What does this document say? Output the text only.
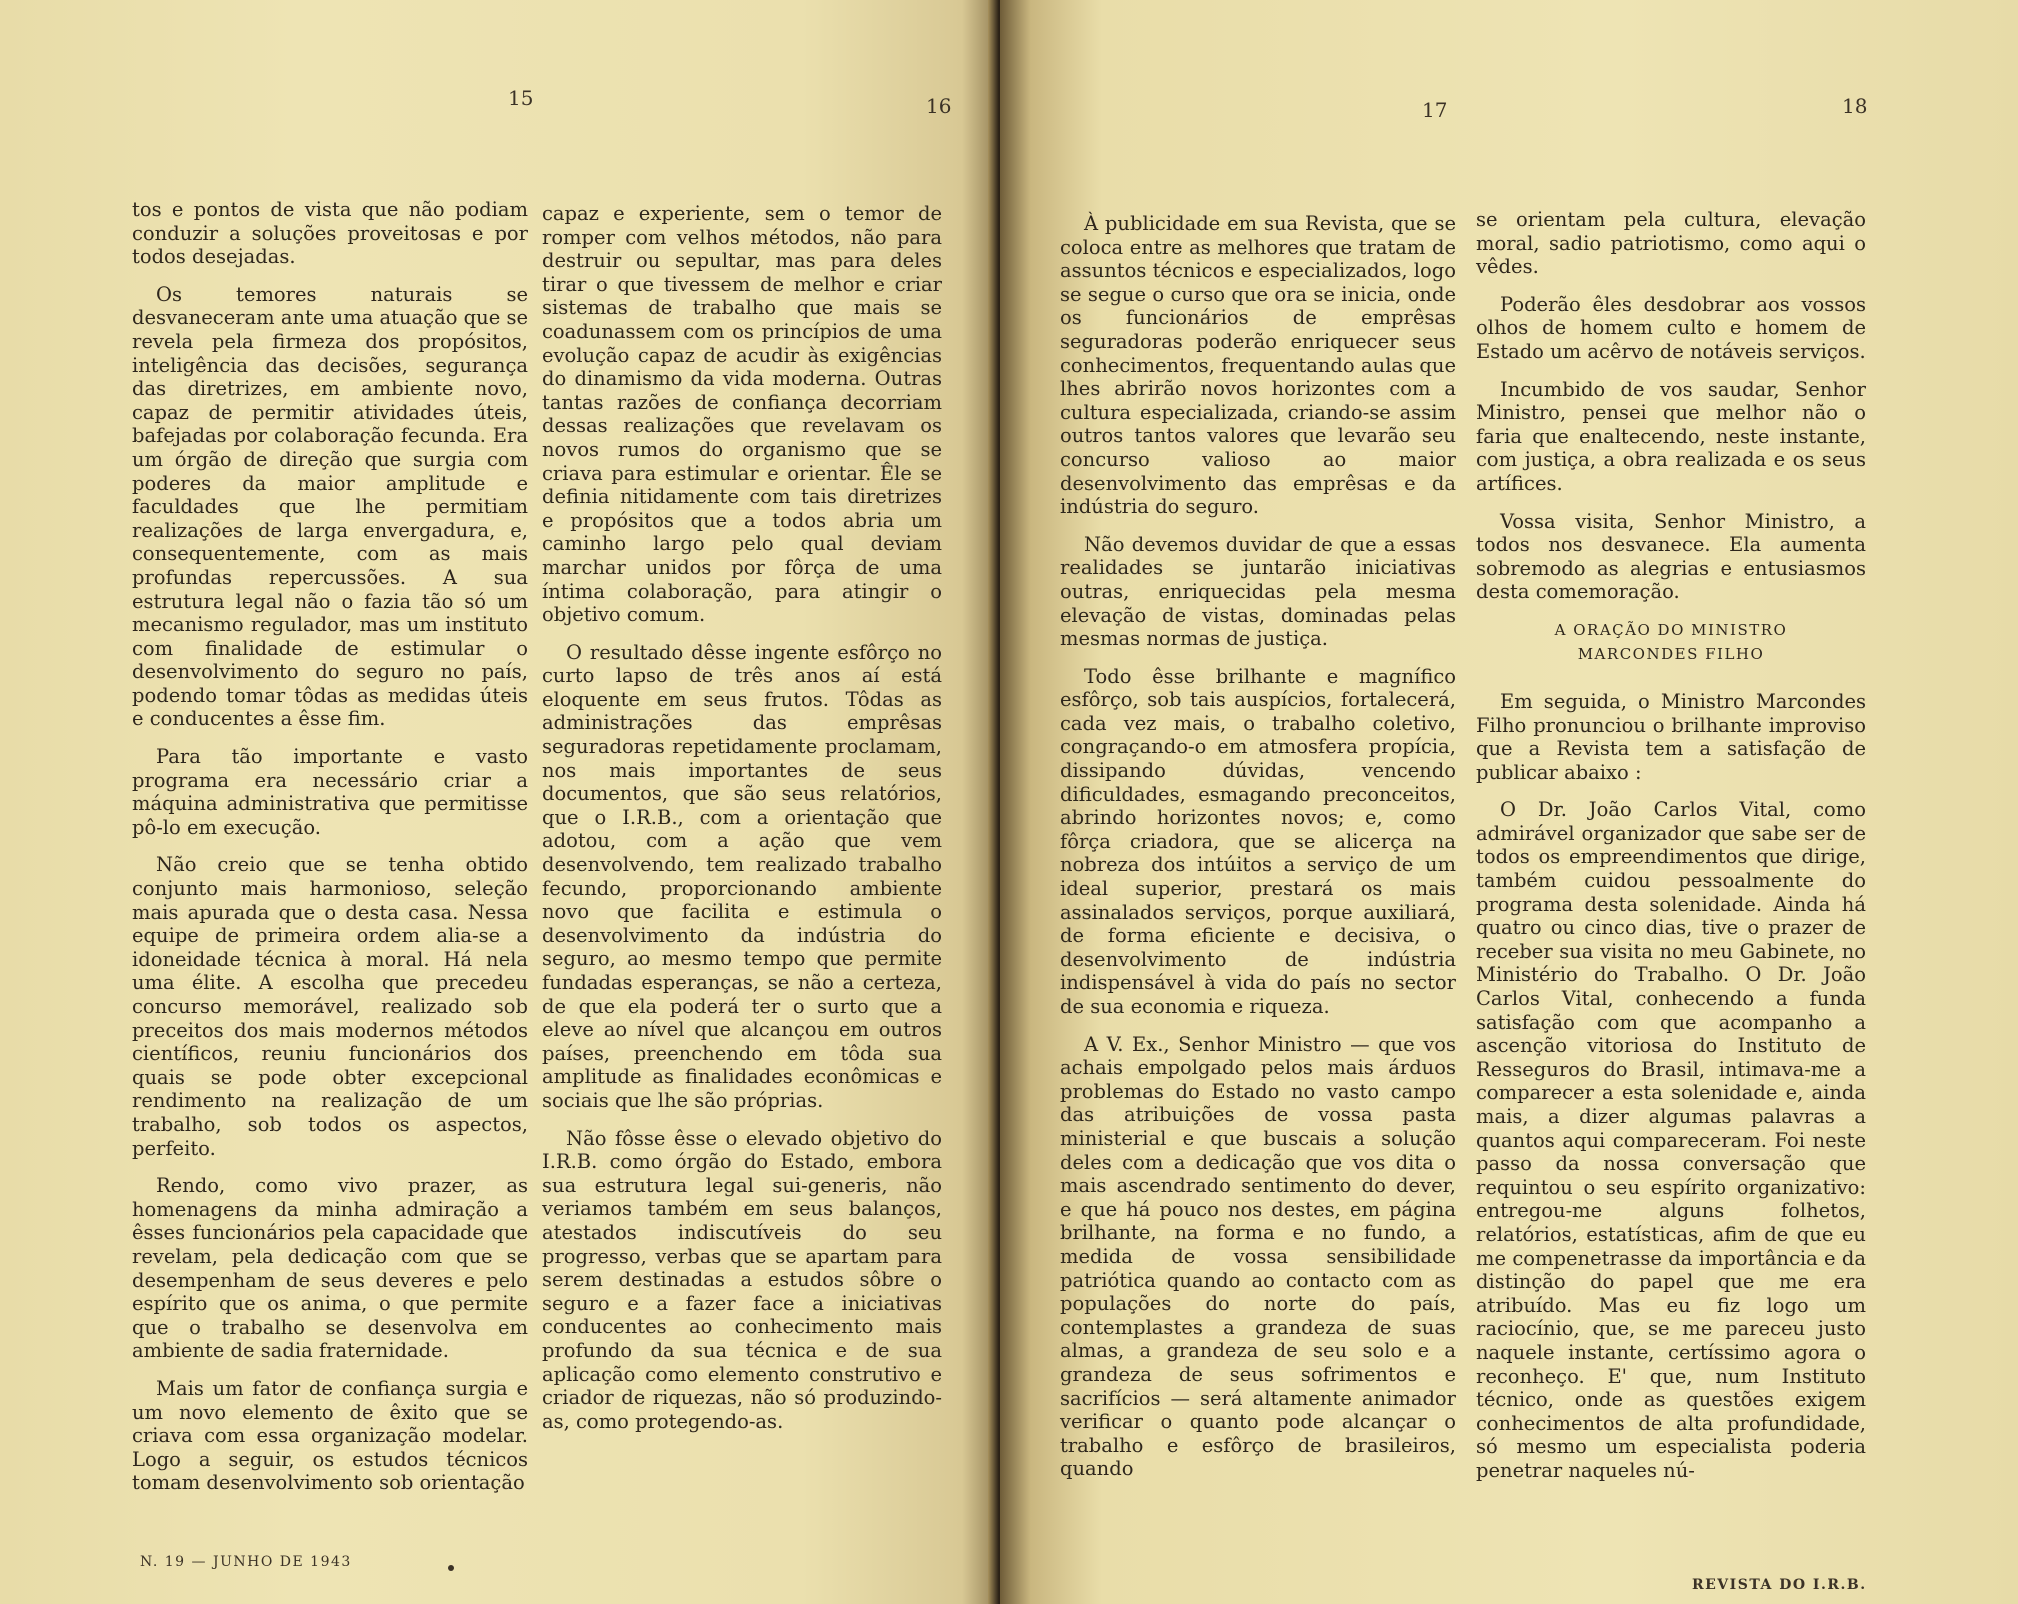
15	16

tos e pontos de vista que não podiam conduzir a soluções proveitosas e por todos desejadas.

Os temores naturais se desvaneceram ante uma atuação que se revela pela firmeza dos propósitos, inteligência das decisões, segurança das diretrizes, em ambiente novo, capaz de permitir atividades úteis, bafejadas por colaboração fecunda. Era um órgão de direção que surgia com poderes da maior amplitude e faculdades que lhe permitiam realizações de larga envergadura, e, consequentemente, com as mais profundas repercussões. A sua estrutura legal não o fazia tão só um mecanismo regulador, mas um instituto com finalidade de estimular o desenvolvimento do seguro no país, podendo tomar tôdas as medidas úteis e conducentes a êsse fim.

Para tão importante e vasto programa era necessário criar a máquina administrativa que permitisse pô-lo em execução.

Não creio que se tenha obtido conjunto mais harmonioso, seleção mais apurada que o desta casa. Nessa equipe de primeira ordem alia-se a idoneidade técnica à moral. Há nela uma élite. A escolha que precedeu concurso memorável, realizado sob preceitos dos mais modernos métodos científicos, reuniu funcionários dos quais se pode obter excepcional rendimento na realização de um trabalho, sob todos os aspectos, perfeito.

Rendo, como vivo prazer, as homenagens da minha admiração a êsses funcionários pela capacidade que revelam, pela dedicação com que se desempenham de seus deveres e pelo espírito que os anima, o que permite que o trabalho se desenvolva em ambiente de sadia fraternidade.

Mais um fator de confiança surgia e um novo elemento de êxito que se criava com essa organização modelar. Logo a seguir, os estudos técnicos tomam desenvolvimento sob orientação

capaz e experiente, sem o temor de romper com velhos métodos, não para destruir ou sepultar, mas para deles tirar o que tivessem de melhor e criar sistemas de trabalho que mais se coadunassem com os princípios de uma evolução capaz de acudir às exigências do dinamismo da vida moderna. Outras tantas razões de confiança decorriam dessas realizações que revelavam os novos rumos do organismo que se criava para estimular e orientar. Êle se definia nitidamente com tais diretrizes e propósitos que a todos abria um caminho largo pelo qual deviam marchar unidos por fôrça de uma íntima colaboração, para atingir o objetivo comum.

O resultado dêsse ingente esfôrço no curto lapso de três anos aí está eloquente em seus frutos. Tôdas as administrações das emprêsas seguradoras repetidamente proclamam, nos mais importantes de seus documentos, que são seus relatórios, que o I.R.B., com a orientação que adotou, com a ação que vem desenvolvendo, tem realizado trabalho fecundo, proporcionando ambiente novo que facilita e estimula o desenvolvimento da indústria do seguro, ao mesmo tempo que permite fundadas esperanças, se não a certeza, de que ela poderá ter o surto que a eleve ao nível que alcançou em outros países, preenchendo em tôda sua amplitude as finalidades econômicas e sociais que lhe são próprias.

Não fôsse êsse o elevado objetivo do I.R.B. como órgão do Estado, embora sua estrutura legal sui-generis, não veriamos também em seus balanços, atestados indiscutíveis do seu progresso, verbas que se apartam para serem destinadas a estudos sôbre o seguro e a fazer face a iniciativas conducentes ao conhecimento mais profundo da sua técnica e de sua aplicação como elemento construtivo e criador de riquezas, não só produzindo-as, como protegendo-as.

N. 19 — JUNHO DE 1943
17	18

À publicidade em sua Revista, que se coloca entre as melhores que tratam de assuntos técnicos e especializados, logo se segue o curso que ora se inicia, onde os funcionários de emprêsas seguradoras poderão enriquecer seus conhecimentos, frequentando aulas que lhes abrirão novos horizontes com a cultura especializada, criando-se assim outros tantos valores que levarão seu concurso valioso ao maior desenvolvimento das emprêsas e da indústria do seguro.

Não devemos duvidar de que a essas realidades se juntarão iniciativas outras, enriquecidas pela mesma elevação de vistas, dominadas pelas mesmas normas de justiça.

Todo êsse brilhante e magnífico esfôrço, sob tais auspícios, fortalecerá, cada vez mais, o trabalho coletivo, congraçando-o em atmosfera propícia, dissipando dúvidas, vencendo dificuldades, esmagando preconceitos, abrindo horizontes novos; e, como fôrça criadora, que se alicerça na nobreza dos intúitos a serviço de um ideal superior, prestará os mais assinalados serviços, porque auxiliará, de forma eficiente e decisiva, o desenvolvimento de indústria indispensável à vida do país no sector de sua economia e riqueza.

A V. Ex., Senhor Ministro — que vos achais empolgado pelos mais árduos problemas do Estado no vasto campo das atribuições de vossa pasta ministerial e que buscais a solução deles com a dedicação que vos dita o mais ascendrado sentimento do dever, e que há pouco nos destes, em página brilhante, na forma e no fundo, a medida de vossa sensibilidade patriótica quando ao contacto com as populações do norte do país, contemplastes a grandeza de suas almas, a grandeza de seu solo e a grandeza de seus sofrimentos e sacrifícios — será altamente animador verificar o quanto pode alcançar o trabalho e esfôrço de brasileiros, quando

se orientam pela cultura, elevação moral, sadio patriotismo, como aqui o vêdes.

Poderão êles desdobrar aos vossos olhos de homem culto e homem de Estado um acêrvo de notáveis serviços.

Incumbido de vos saudar, Senhor Ministro, pensei que melhor não o faria que enaltecendo, neste instante, com justiça, a obra realizada e os seus artífices.

Vossa visita, Senhor Ministro, a todos nos desvanece. Ela aumenta sobremodo as alegrias e entusiasmos desta comemoração.

A ORAÇÃO DO MINISTRO
MARCONDES FILHO

Em seguida, o Ministro Marcondes Filho pronunciou o brilhante improviso que a Revista tem a satisfação de publicar abaixo :

O Dr. João Carlos Vital, como admirável organizador que sabe ser de todos os empreendimentos que dirige, também cuidou pessoalmente do programa desta solenidade. Ainda há quatro ou cinco dias, tive o prazer de receber sua visita no meu Gabinete, no Ministério do Trabalho. O Dr. João Carlos Vital, conhecendo a funda satisfação com que acompanho a ascenção vitoriosa do Instituto de Resseguros do Brasil, intimava-me a comparecer a esta solenidade e, ainda mais, a dizer algumas palavras a quantos aqui compareceram. Foi neste passo da nossa conversação que requintou o seu espírito organizativo: entregou-me alguns folhetos, relatórios, estatísticas, afim de que eu me compenetrasse da importância e da distinção do papel que me era atribuído. Mas eu fiz logo um raciocínio, que, se me pareceu justo naquele instante, certíssimo agora o reconheço. E' que, num Instituto técnico, onde as questões exigem conhecimentos de alta profundidade, só mesmo um especialista poderia penetrar naqueles nú-

REVISTA DO I.R.B.
